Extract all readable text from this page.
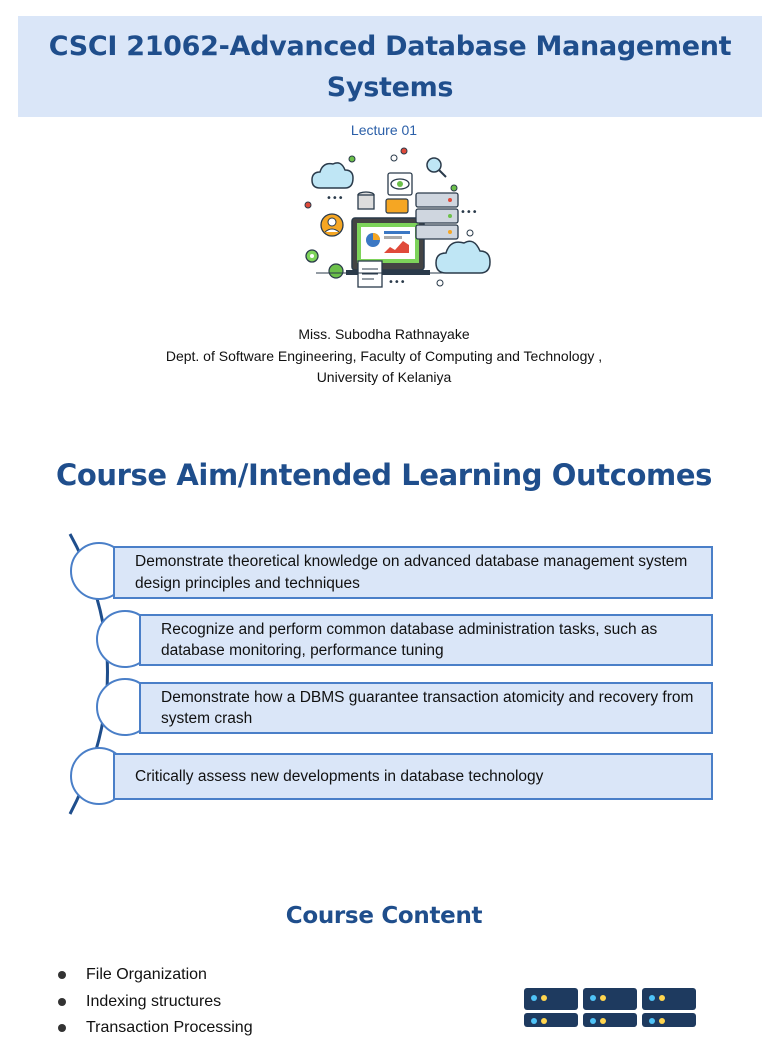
CSCI 21062-Advanced Database Management Systems
Lecture 01
•••
•••
•••
Miss. Subodha Rathnayake
Dept. of Software Engineering, Faculty of Computing and Technology ,
University of Kelaniya
Course Aim/Intended Learning Outcomes
Demonstrate theoretical knowledge on advanced database management system design principles and techniques
Recognize and perform common database administration tasks, such as database monitoring, performance tuning
Demonstrate how a DBMS guarantee transaction atomicity and recovery from system crash
Critically assess new developments in database technology
Course Content
File Organization
Indexing structures
Transaction Processing
